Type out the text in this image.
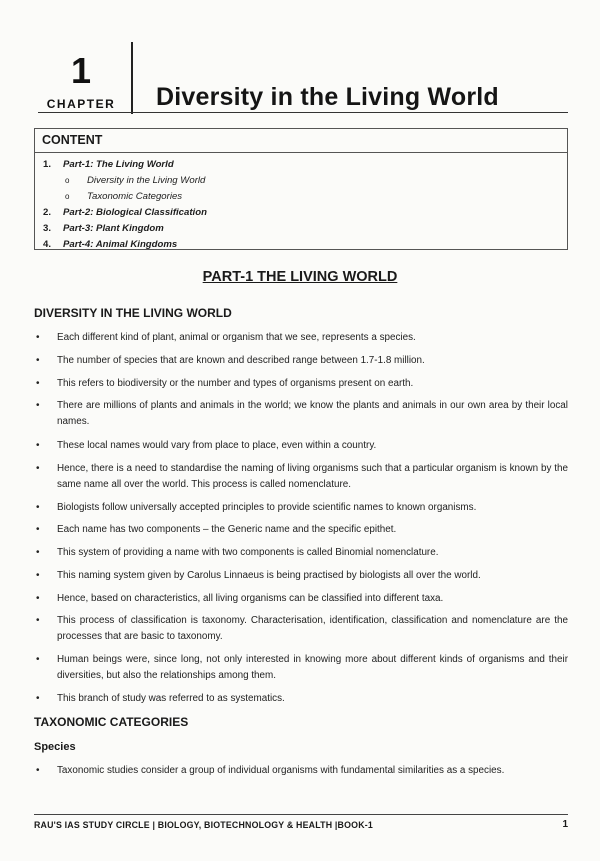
1
CHAPTER	Diversity in the Living World
CONTENT
1. Part-1: The Living World
o Diversity in the Living World
o Taxonomic Categories
2. Part-2: Biological Classification
3. Part-3: Plant Kingdom
4. Part-4: Animal Kingdoms
PART-1 THE LIVING WORLD
DIVERSITY IN THE LIVING WORLD
• Each different kind of plant, animal or organism that we see, represents a species.
• The number of species that are known and described range between 1.7-1.8 million.
• This refers to biodiversity or the number and types of organisms present on earth.
• There are millions of plants and animals in the world; we know the plants and animals in our own area by their local names.
• These local names would vary from place to place, even within a country.
• Hence, there is a need to standardise the naming of living organisms such that a particular organism is known by the same name all over the world. This process is called nomenclature.
• Biologists follow universally accepted principles to provide scientific names to known organisms.
• Each name has two components – the Generic name and the specific epithet.
• This system of providing a name with two components is called Binomial nomenclature.
• This naming system given by Carolus Linnaeus is being practised by biologists all over the world.
• Hence, based on characteristics, all living organisms can be classified into different taxa.
• This process of classification is taxonomy. Characterisation, identification, classification and nomenclature are the processes that are basic to taxonomy.
• Human beings were, since long, not only interested in knowing more about different kinds of organisms and their diversities, but also the relationships among them.
• This branch of study was referred to as systematics.
TAXONOMIC CATEGORIES
Species
• Taxonomic studies consider a group of individual organisms with fundamental similarities as a species.
RAU'S IAS STUDY CIRCLE | BIOLOGY, BIOTECHNOLOGY & HEALTH |BOOK-1	1
